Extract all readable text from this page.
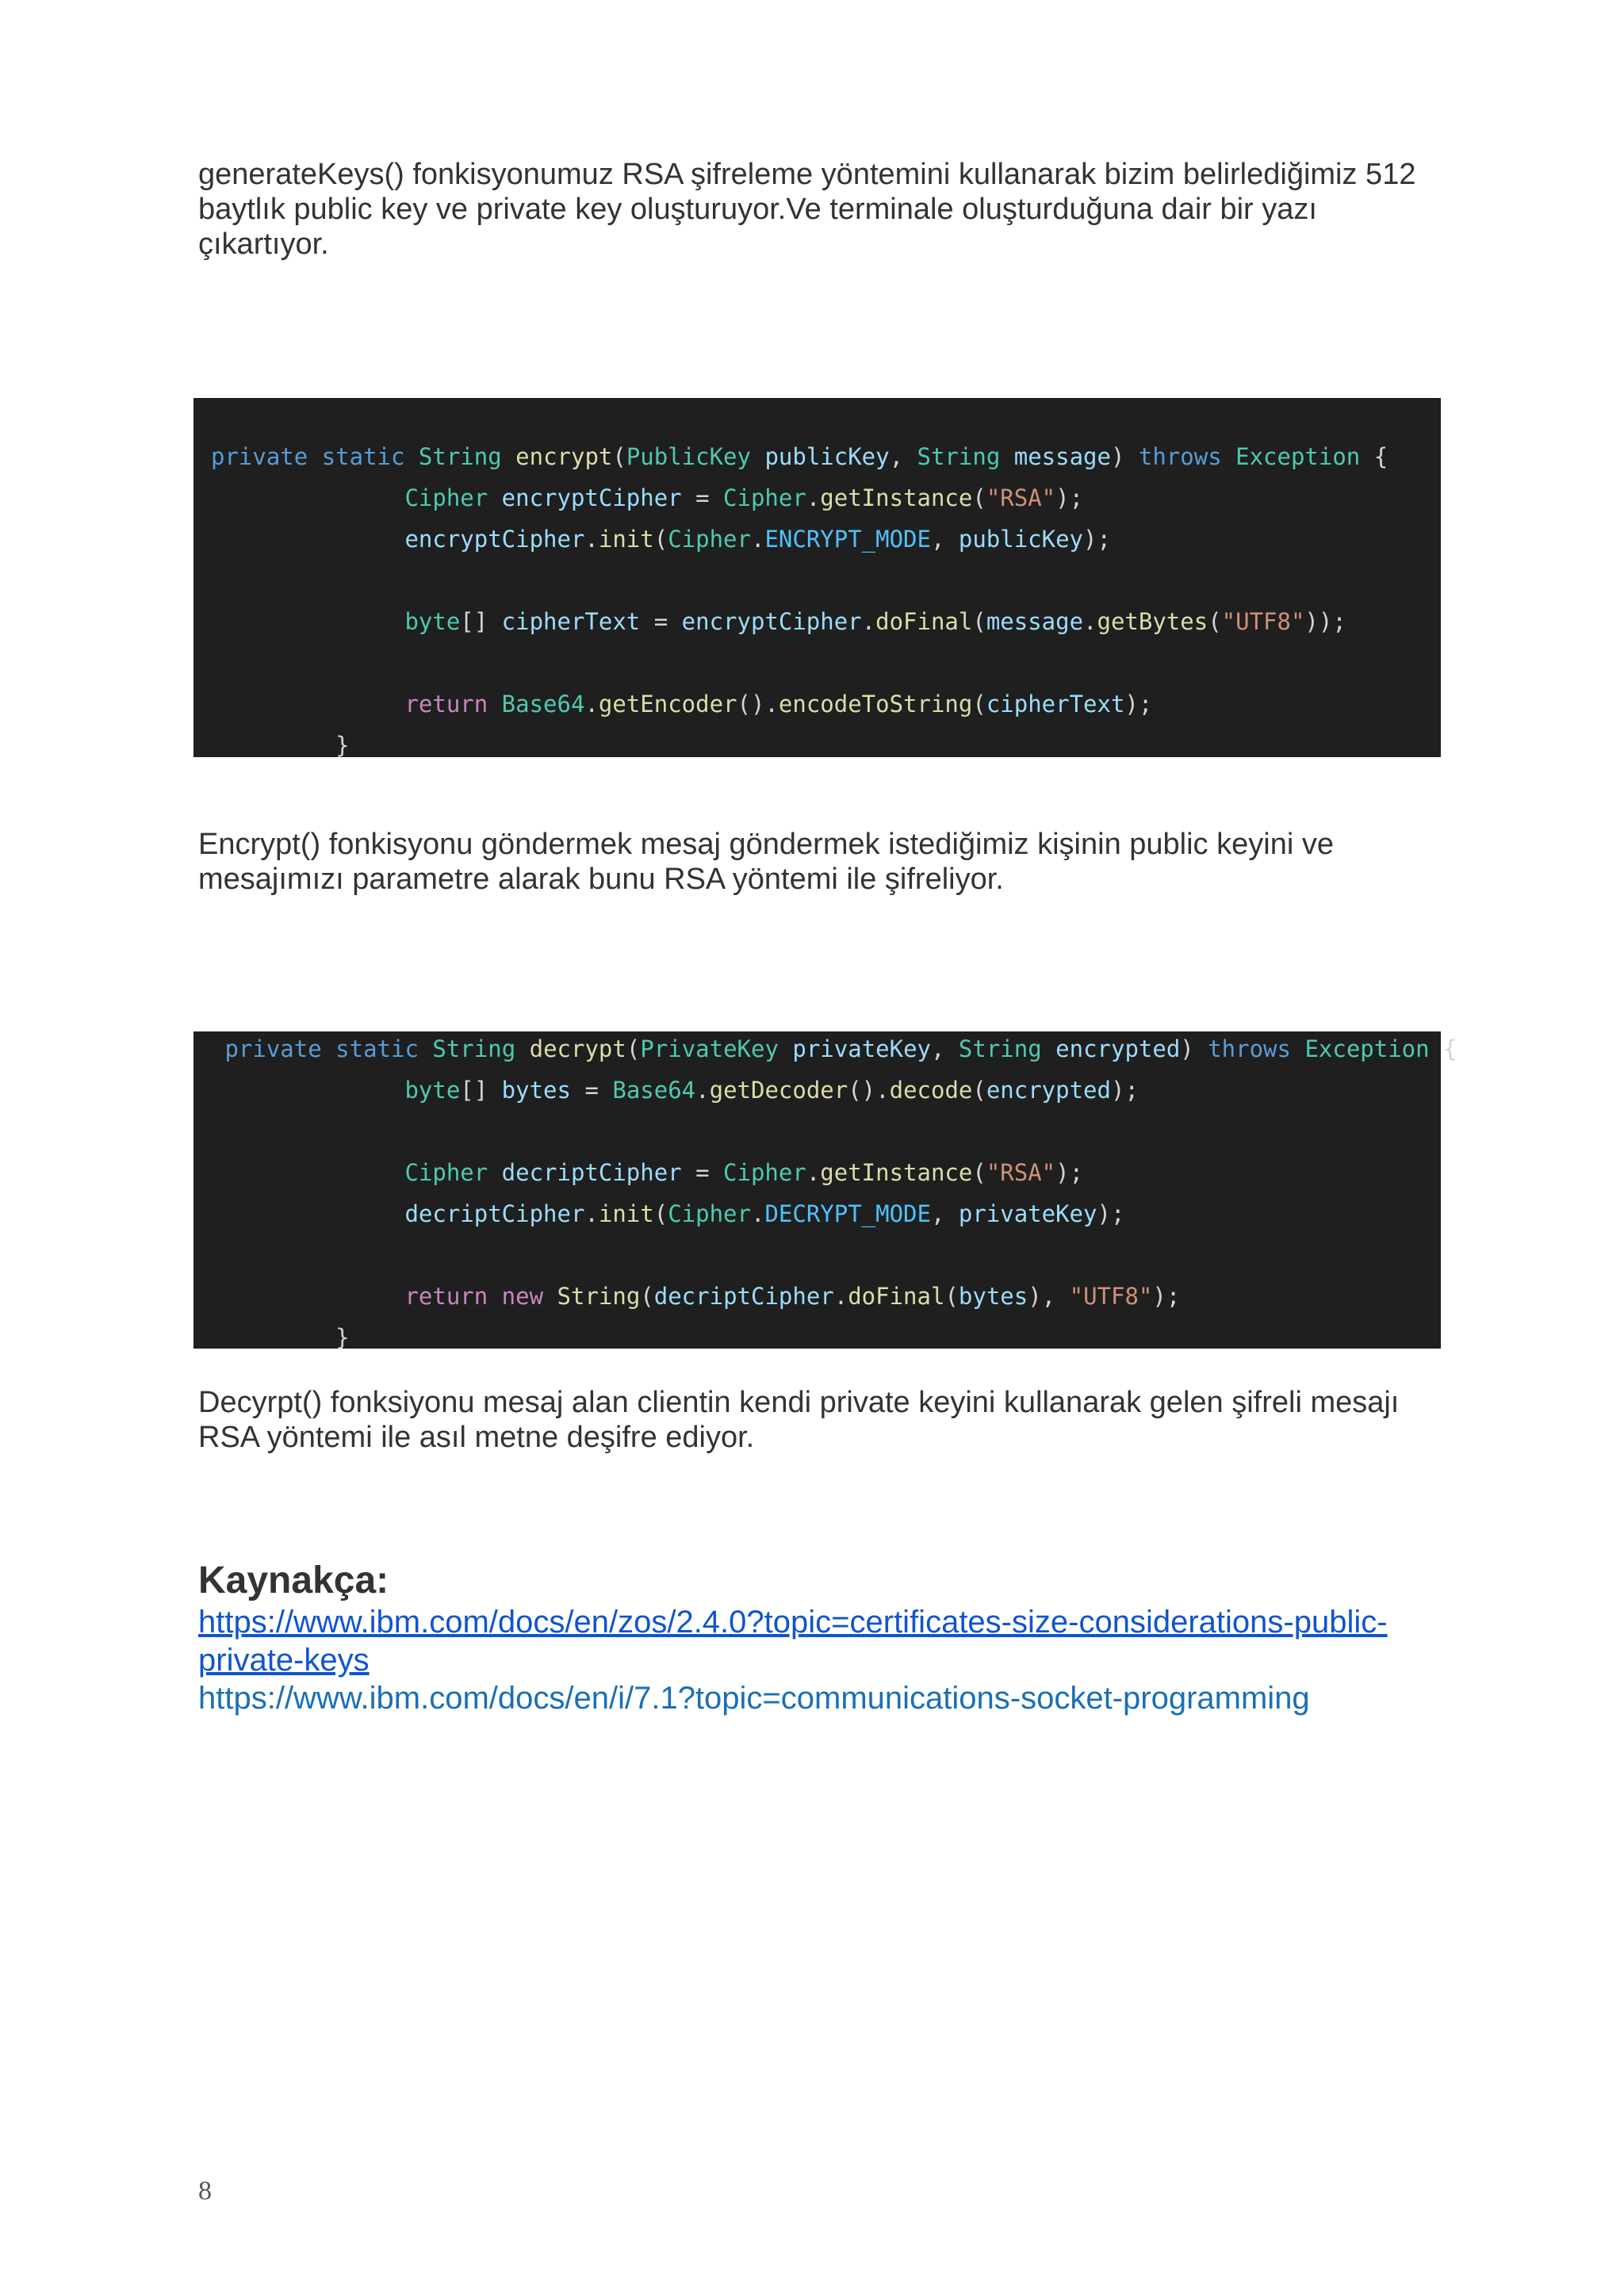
generateKeys() fonkisyonumuz RSA şifreleme yöntemini kullanarak bizim belirlediğimiz 512
baytlık public key ve private key oluşturuyor.Ve terminale oluşturduğuna dair bir yazı
çıkartıyor.
private static String encrypt(PublicKey publicKey, String message) throws Exception {
Cipher encryptCipher = Cipher.getInstance("RSA");
encryptCipher.init(Cipher.ENCRYPT_MODE, publicKey);
byte[] cipherText = encryptCipher.doFinal(message.getBytes("UTF8"));
return Base64.getEncoder().encodeToString(cipherText);
}
Encrypt() fonkisyonu göndermek mesaj göndermek istediğimiz kişinin public keyini ve
mesajımızı parametre alarak bunu RSA yöntemi ile şifreliyor.
private static String decrypt(PrivateKey privateKey, String encrypted) throws Exception {
byte[] bytes = Base64.getDecoder().decode(encrypted);
Cipher decriptCipher = Cipher.getInstance("RSA");
decriptCipher.init(Cipher.DECRYPT_MODE, privateKey);
return new String(decriptCipher.doFinal(bytes), "UTF8");
}
Decyrpt() fonksiyonu mesaj alan clientin kendi private keyini kullanarak gelen şifreli mesajı
RSA yöntemi ile asıl metne deşifre ediyor.
Kaynakça:
https://www.ibm.com/docs/en/zos/2.4.0?topic=certificates-size-considerations-public-
private-keys
https://www.ibm.com/docs/en/i/7.1?topic=communications-socket-programming
8
